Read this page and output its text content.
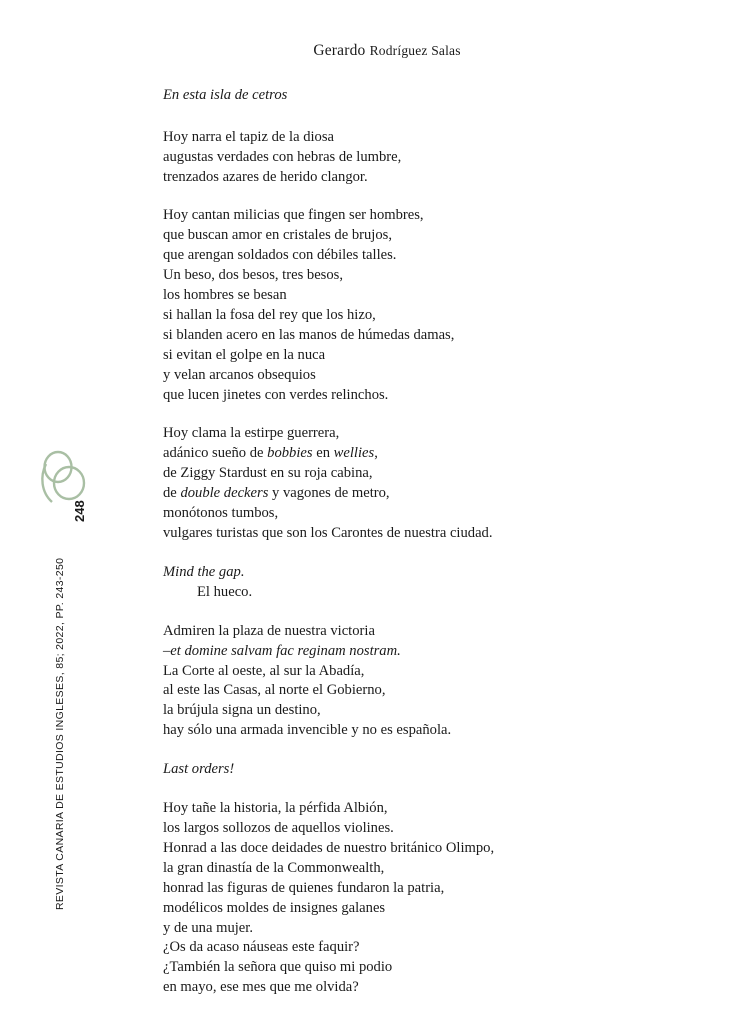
248
REVISTA CANARIA DE ESTUDIOS INGLESES, 85; 2022, PP. 243-250
Gerardo Rodríguez Salas
En esta isla de cetros
Hoy narra el tapiz de la diosa
augustas verdades con hebras de lumbre,
trenzados azares de herido clangor.
Hoy cantan milicias que fingen ser hombres,
que buscan amor en cristales de brujos,
que arengan soldados con débiles talles.
Un beso, dos besos, tres besos,
los hombres se besan
si hallan la fosa del rey que los hizo,
si blanden acero en las manos de húmedas damas,
si evitan el golpe en la nuca
y velan arcanos obsequios
que lucen jinetes con verdes relinchos.
Hoy clama la estirpe guerrera,
adánico sueño de bobbies en wellies,
de Ziggy Stardust en su roja cabina,
de double deckers y vagones de metro,
monótonos tumbos,
vulgares turistas que son los Carontes de nuestra ciudad.
Mind the gap.
El hueco.
Admiren la plaza de nuestra victoria
–et domine salvam fac reginam nostram.
La Corte al oeste, al sur la Abadía,
al este las Casas, al norte el Gobierno,
la brújula signa un destino,
hay sólo una armada invencible y no es española.
Last orders!
Hoy tañe la historia, la pérfida Albión,
los largos sollozos de aquellos violines.
Honrad a las doce deidades de nuestro británico Olimpo,
la gran dinastía de la Commonwealth,
honrad las figuras de quienes fundaron la patria,
modélicos moldes de insignes galanes
y de una mujer.
¿Os da acaso náuseas este faquir?
¿También la señora que quiso mi podio
en mayo, ese mes que me olvida?
